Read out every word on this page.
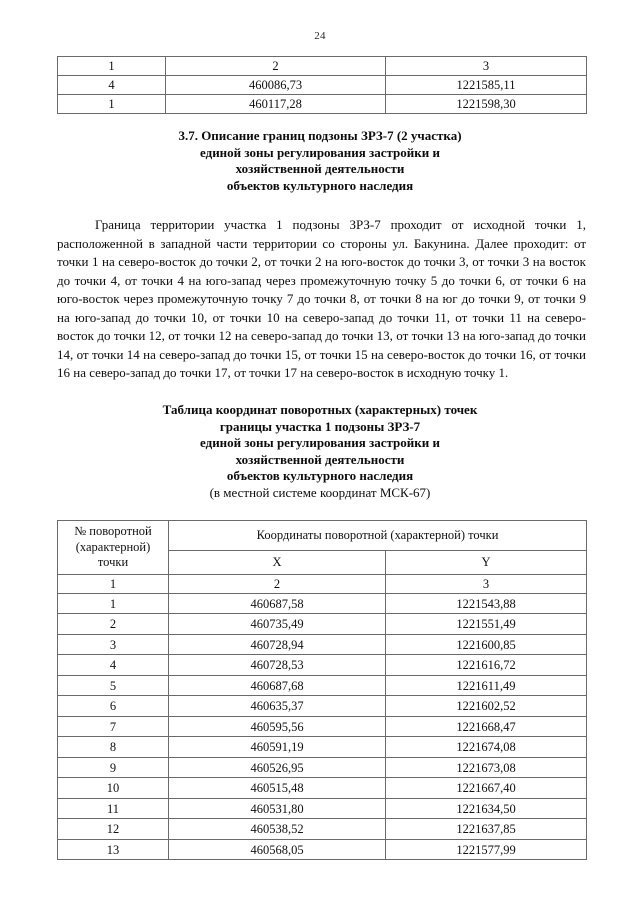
24
1	2	3
4	460086,73	1221585,11
1	460117,28	1221598,30
3.7. Описание границ подзоны ЗРЗ-7 (2 участка)
единой зоны регулирования застройки и
хозяйственной деятельности
объектов культурного наследия
Граница территории участка 1 подзоны ЗРЗ-7 проходит от исходной точки 1, расположенной в западной части территории со стороны ул. Бакунина. Далее проходит: от точки 1 на северо-восток до точки 2, от точки 2 на юго-восток до точки 3, от точки 3 на восток до точки 4, от точки 4 на юго-запад через промежуточную точку 5 до точки 6, от точки 6 на юго-восток через промежуточную точку 7 до точки 8, от точки 8 на юг до точки 9, от точки 9 на юго-запад до точки 10, от точки 10 на северо-запад до точки 11, от точки 11 на северо-восток до точки 12, от точки 12 на северо-запад до точки 13, от точки 13 на юго-запад до точки 14, от точки 14 на северо-запад до точки 15, от точки 15 на северо-восток до точки 16, от точки 16 на северо-запад до точки 17, от точки 17 на северо-восток в исходную точку 1.
Таблица координат поворотных (характерных) точек
границы участка 1 подзоны ЗРЗ-7
единой зоны регулирования застройки и
хозяйственной деятельности
объектов культурного наследия
(в местной системе координат МСК-67)
№ поворотной (характерной) точки	Координаты поворотной (характерной) точки	
	X	Y
1	2	3
1	460687,58	1221543,88
2	460735,49	1221551,49
3	460728,94	1221600,85
4	460728,53	1221616,72
5	460687,68	1221611,49
6	460635,37	1221602,52
7	460595,56	1221668,47
8	460591,19	1221674,08
9	460526,95	1221673,08
10	460515,48	1221667,40
11	460531,80	1221634,50
12	460538,52	1221637,85
13	460568,05	1221577,99
